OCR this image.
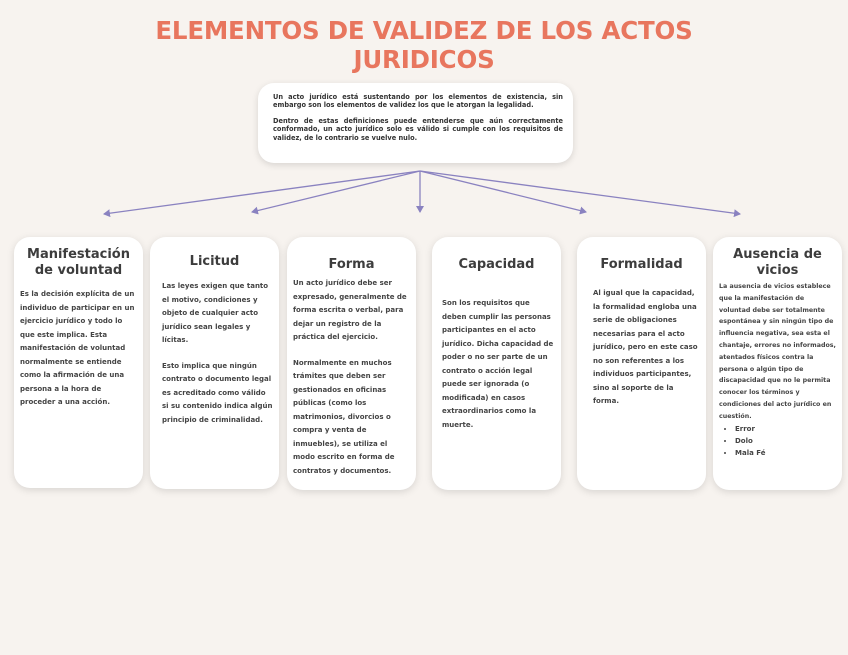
ELEMENTOS DE VALIDEZ DE LOS ACTOS
JURIDICOS

Un acto jurídico está sustentando por los elementos de existencia, sin embargo son los elementos de validez los que le atorgan la legalidad.

Dentro de estas definiciones puede entenderse que aún correctamente conformado, un acto jurídico solo es válido si cumple con los requisitos de validez, de lo contrario se vuelve nulo.

Manifestación
de voluntad

Es la decisión explícita de un individuo de participar en un ejercicio jurídico y todo lo que este implica. Esta manifestación de voluntad normalmente se entiende como la afirmación de una persona a la hora de proceder a una acción.

Licitud

Las leyes exigen que tanto el motivo, condiciones y objeto de cualquier acto jurídico sean legales y lícitas.

Esto implica que ningún contrato o documento legal es acreditado como válido si su contenido indica algún principio de criminalidad.

Forma

Un acto jurídico debe ser expresado, generalmente de forma escrita o verbal, para dejar un registro de la práctica del ejercicio.

Normalmente en muchos trámites que deben ser gestionados en oficinas públicas (como los matrimonios, divorcios o compra y venta de inmuebles), se utiliza el modo escrito en forma de contratos y documentos.

Capacidad

Son los requisitos que deben cumplir las personas participantes en el acto jurídico. Dicha capacidad de poder o no ser parte de un contrato o acción legal puede ser ignorada (o modificada) en casos extraordinarios como la muerte.

Formalidad

Al igual que la capacidad, la formalidad engloba una serie de obligaciones necesarias para el acto jurídico, pero en este caso no son referentes a los individuos participantes, sino al soporte de la forma.

Ausencia de
vicios

La ausencia de vicios establece que la manifestación de voluntad debe ser totalmente espontánea y sin ningún tipo de influencia negativa, sea esta el chantaje, errores no informados, atentados físicos contra la persona o algún tipo de discapacidad que no le permita conocer los términos y condiciones del acto jurídico en cuestión.

• Error
• Dolo
• Mala Fé
